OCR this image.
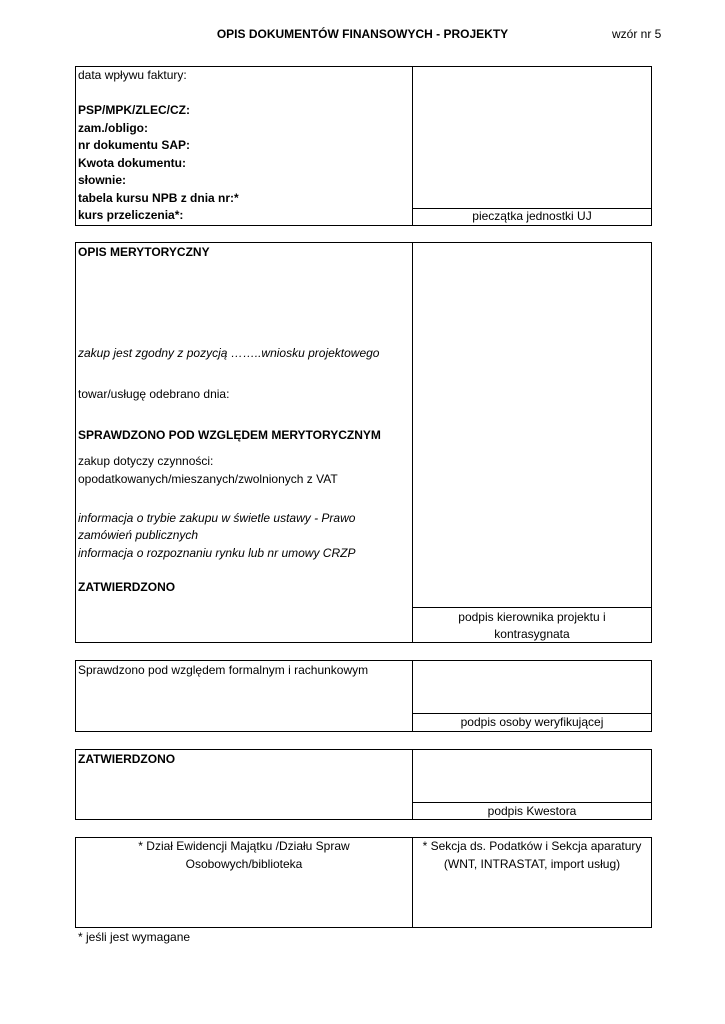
OPIS DOKUMENTÓW FINANSOWYCH - PROJEKTY	wzór nr 5
data wpływu faktury:
PSP/MPK/ZLEC/CZ:
zam./obligo:
nr dokumentu SAP:
Kwota dokumentu:
słownie:
tabela kursu NPB z dnia nr:*
kurs przeliczenia*:	pieczątka jednostki UJ
OPIS MERYTORYCZNY
zakup jest zgodny z pozycją ……..wniosku projektowego
towar/usługę odebrano dnia:
SPRAWDZONO POD WZGLĘDEM MERYTORYCZNYM
zakup dotyczy czynności:
opodatkowanych/mieszanych/zwolnionych z VAT
informacja o trybie zakupu w świetle ustawy - Prawo
zamówień publicznych
informacja o rozpoznaniu rynku lub nr umowy CRZP
ZATWIERDZONO
podpis kierownika projektu i
kontrasygnata
Sprawdzono pod względem formalnym i rachunkowym
podpis osoby weryfikującej
ZATWIERDZONO
podpis Kwestora
* Dział Ewidencji Majątku /Działu Spraw
Osobowych/biblioteka
* Sekcja ds. Podatków i Sekcja aparatury
(WNT, INTRASTAT, import usług)
* jeśli jest wymagane
